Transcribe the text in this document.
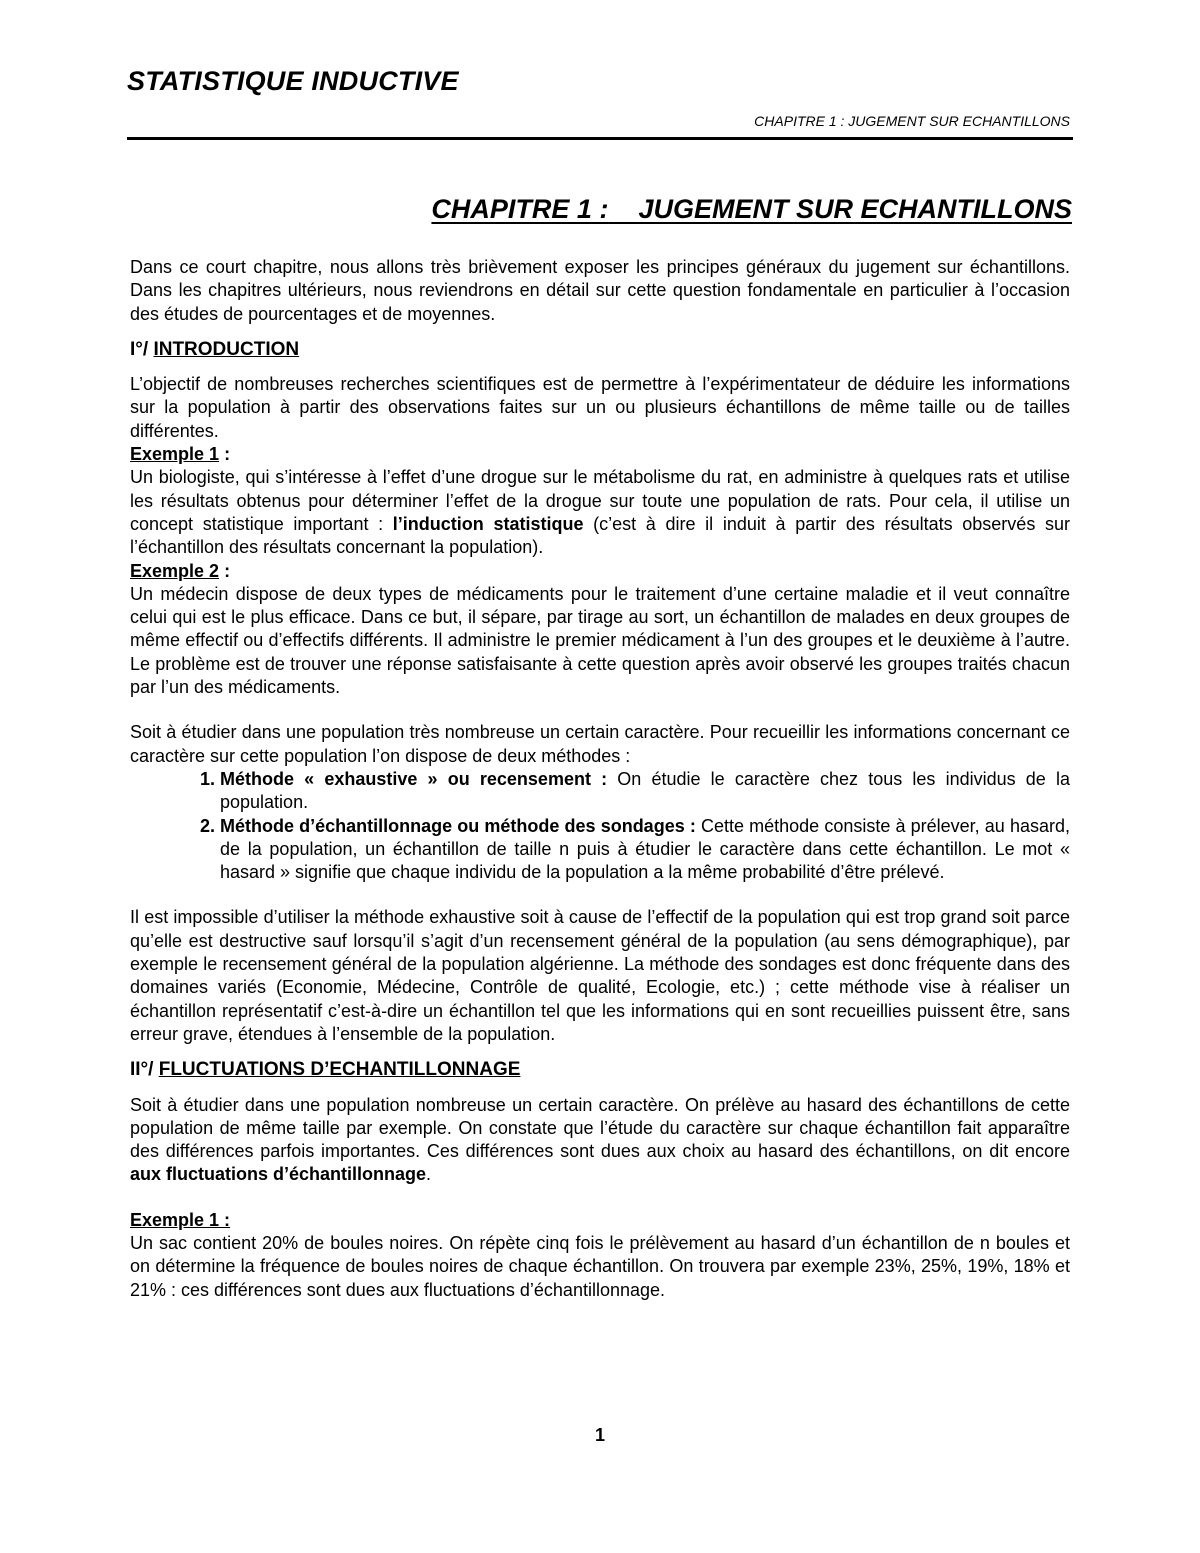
STATISTIQUE INDUCTIVE
CHAPITRE 1 : JUGEMENT SUR ECHANTILLONS
CHAPITRE 1 : JUGEMENT SUR ECHANTILLONS

Dans ce court chapitre, nous allons très brièvement exposer les principes généraux du jugement sur échantillons. Dans les chapitres ultérieurs, nous reviendrons en détail sur cette question fondamentale en particulier à l’occasion des études de pourcentages et de moyennes.

I°/ INTRODUCTION

L’objectif de nombreuses recherches scientifiques est de permettre à l’expérimentateur de déduire les informations sur la population à partir des observations faites sur un ou plusieurs échantillons de même taille ou de tailles différentes.

Exemple 1 :

Un biologiste, qui s’intéresse à l’effet d’une drogue sur le métabolisme du rat, en administre à quelques rats et utilise les résultats obtenus pour déterminer l’effet de la drogue sur toute une population de rats. Pour cela, il utilise un concept statistique important : l’induction statistique (c’est à dire il induit à partir des résultats observés sur l’échantillon des résultats concernant la population).

Exemple 2 :

Un médecin dispose de deux types de médicaments pour le traitement d’une certaine maladie et il veut connaître celui qui est le plus efficace. Dans ce but, il sépare, par tirage au sort, un échantillon de malades en deux groupes de même effectif ou d’effectifs différents. Il administre le premier médicament à l’un des groupes et le deuxième à l’autre. Le problème est de trouver une réponse satisfaisante à cette question après avoir observé les groupes traités chacun par l’un des médicaments.

Soit à étudier dans une population très nombreuse un certain caractère. Pour recueillir les informations concernant ce caractère sur cette population l’on dispose de deux méthodes :

1. Méthode « exhaustive » ou recensement : On étudie le caractère chez tous les individus de la population.
2. Méthode d’échantillonnage ou méthode des sondages : Cette méthode consiste à prélever, au hasard, de la population, un échantillon de taille n puis à étudier le caractère dans cette échantillon. Le mot « hasard » signifie que chaque individu de la population a la même probabilité d’être prélevé.

Il est impossible d’utiliser la méthode exhaustive soit à cause de l’effectif de la population qui est trop grand soit parce qu’elle est destructive sauf lorsqu’il s’agit d’un recensement général de la population (au sens démographique), par exemple le recensement général de la population algérienne. La méthode des sondages est donc fréquente dans des domaines variés (Economie, Médecine, Contrôle de qualité, Ecologie, etc.) ; cette méthode vise à réaliser un échantillon représentatif c’est-à-dire un échantillon tel que les informations qui en sont recueillies puissent être, sans erreur grave, étendues à l’ensemble de la population.

II°/ FLUCTUATIONS D’ECHANTILLONNAGE

Soit à étudier dans une population nombreuse un certain caractère. On prélève au hasard des échantillons de cette population de même taille par exemple. On constate que l’étude du caractère sur chaque échantillon fait apparaître des différences parfois importantes. Ces différences sont dues aux choix au hasard des échantillons, on dit encore aux fluctuations d’échantillonnage.

Exemple 1 :

Un sac contient 20% de boules noires. On répète cinq fois le prélèvement au hasard d’un échantillon de n boules et on détermine la fréquence de boules noires de chaque échantillon. On trouvera par exemple 23%, 25%, 19%, 18% et 21% : ces différences sont dues aux fluctuations d’échantillonnage.

1
